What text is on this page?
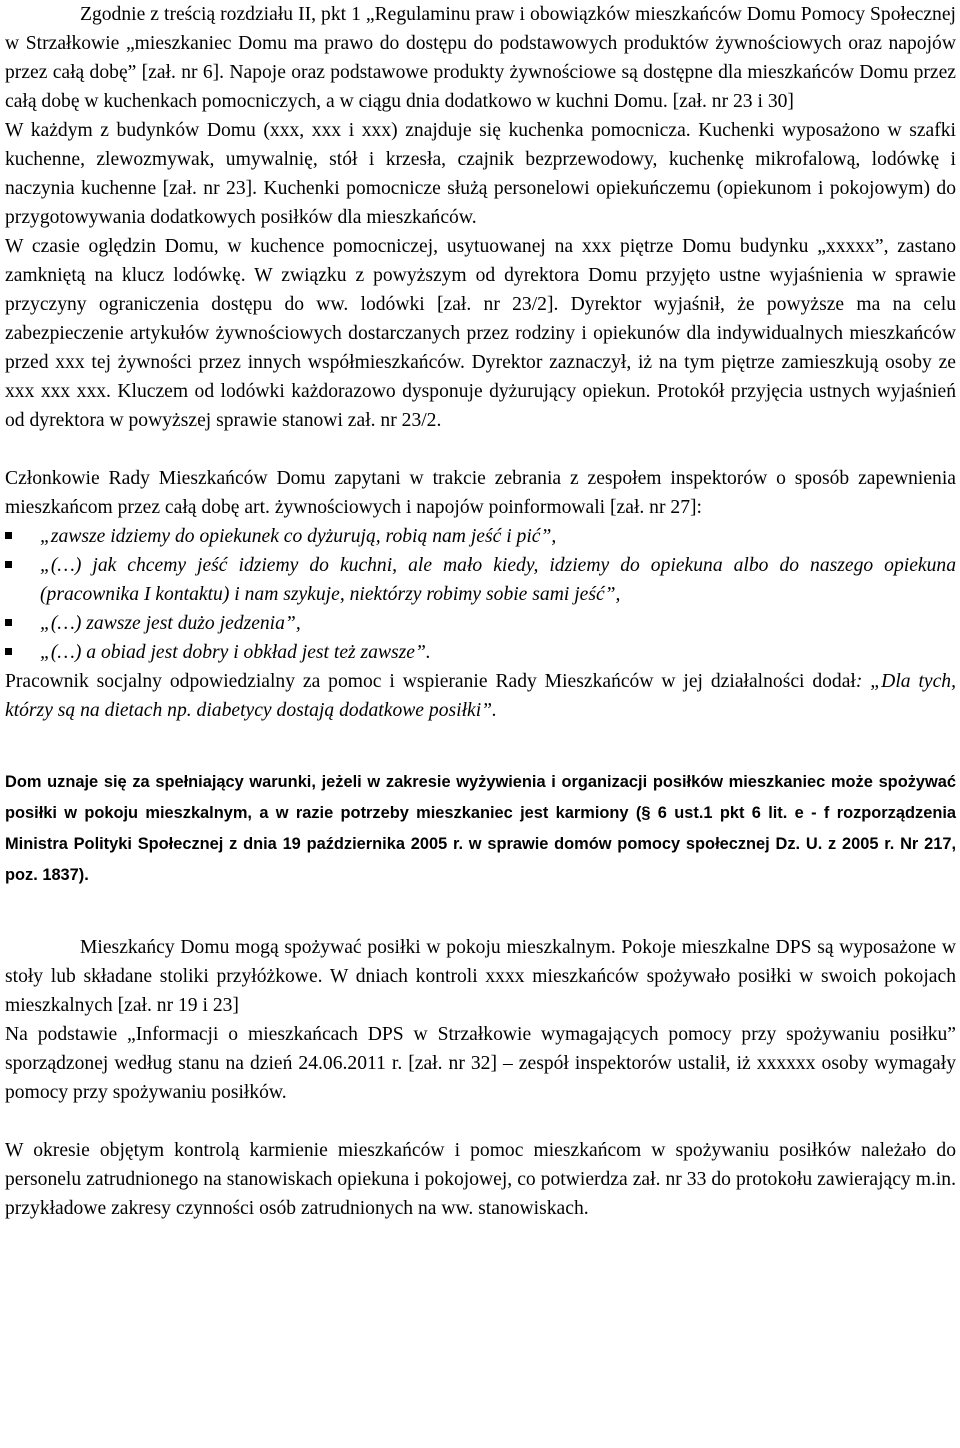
Zgodnie z treścią rozdziału II, pkt 1 „Regulaminu praw i obowiązków mieszkańców Domu Pomocy Społecznej w Strzałkowie „mieszkaniec Domu ma prawo do dostępu do podstawowych produktów żywnościowych oraz napojów przez całą dobę” [zał. nr 6]. Napoje oraz podstawowe produkty żywnościowe są dostępne dla mieszkańców Domu przez całą dobę w kuchenkach pomocniczych, a w ciągu dnia dodatkowo w kuchni Domu. [zał. nr 23 i 30]

W każdym z budynków Domu (xxx, xxx i xxx) znajduje się kuchenka pomocnicza. Kuchenki wyposażono w szafki kuchenne, zlewozmywak, umywalnię, stół i krzesła, czajnik bezprzewodowy, kuchenkę mikrofalową, lodówkę i naczynia kuchenne [zał. nr 23]. Kuchenki pomocnicze służą personelowi opiekuńczemu (opiekunom i pokojowym) do przygotowywania dodatkowych posiłków dla mieszkańców.

W czasie oględzin Domu, w kuchence pomocniczej, usytuowanej na xxx piętrze Domu budynku „xxxxx”, zastano zamkniętą na klucz lodówkę. W związku z powyższym od dyrektora Domu przyjęto ustne wyjaśnienia w sprawie przyczyny ograniczenia dostępu do ww. lodówki [zał. nr 23/2]. Dyrektor wyjaśnił, że powyższe ma na celu zabezpieczenie artykułów żywnościowych dostarczanych przez rodziny i opiekunów dla indywidualnych mieszkańców przed xxx tej żywności przez innych współmieszkańców. Dyrektor zaznaczył, iż na tym piętrze zamieszkują osoby ze xxx xxx xxx. Kluczem od lodówki każdorazowo dysponuje dyżurujący opiekun. Protokół przyjęcia ustnych wyjaśnień od dyrektora w powyższej sprawie stanowi zał. nr 23/2.

Członkowie Rady Mieszkańców Domu zapytani w trakcie zebrania z zespołem inspektorów o sposób zapewnienia mieszkańcom przez całą dobę art. żywnościowych i napojów poinformowali [zał. nr 27]:

„zawsze idziemy do opiekunek co dyżurują, robią nam jeść i pić”,
„(…) jak chcemy jeść idziemy do kuchni, ale mało kiedy, idziemy do opiekuna albo do naszego opiekuna (pracownika I kontaktu) i nam szykuje, niektórzy robimy sobie sami jeść”,
„(…) zawsze jest dużo jedzenia”,
„(…) a obiad jest dobry i obkład jest też zawsze”.

Pracownik socjalny odpowiedzialny za pomoc i wspieranie Rady Mieszkańców w jej działalności dodał: „Dla tych, którzy są na dietach np. diabetycy dostają dodatkowe posiłki”.

Dom uznaje się za spełniający warunki, jeżeli w zakresie wyżywienia i organizacji posiłków mieszkaniec może spożywać posiłki w pokoju mieszkalnym, a w razie potrzeby mieszkaniec jest karmiony (§ 6 ust.1 pkt 6 lit. e - f rozporządzenia Ministra Polityki Społecznej z dnia 19 października 2005 r. w sprawie domów pomocy społecznej Dz. U. z 2005 r. Nr 217, poz. 1837).

Mieszkańcy Domu mogą spożywać posiłki w pokoju mieszkalnym. Pokoje mieszkalne DPS są wyposażone w stoły lub składane stoliki przyłóżkowe. W dniach kontroli xxxx mieszkańców spożywało posiłki w swoich pokojach mieszkalnych [zał. nr 19 i 23]

Na podstawie „Informacji o mieszkańcach DPS w Strzałkowie wymagających pomocy przy spożywaniu posiłku” sporządzonej według stanu na dzień 24.06.2011 r. [zał. nr 32] – zespół inspektorów ustalił, iż xxxxxx osoby wymagały pomocy przy spożywaniu posiłków.

W okresie objętym kontrolą karmienie mieszkańców i pomoc mieszkańcom w spożywaniu posiłków należało do personelu zatrudnionego na stanowiskach opiekuna i pokojowej, co potwierdza zał. nr 33 do protokołu zawierający m.in. przykładowe zakresy czynności osób zatrudnionych na ww. stanowiskach.
